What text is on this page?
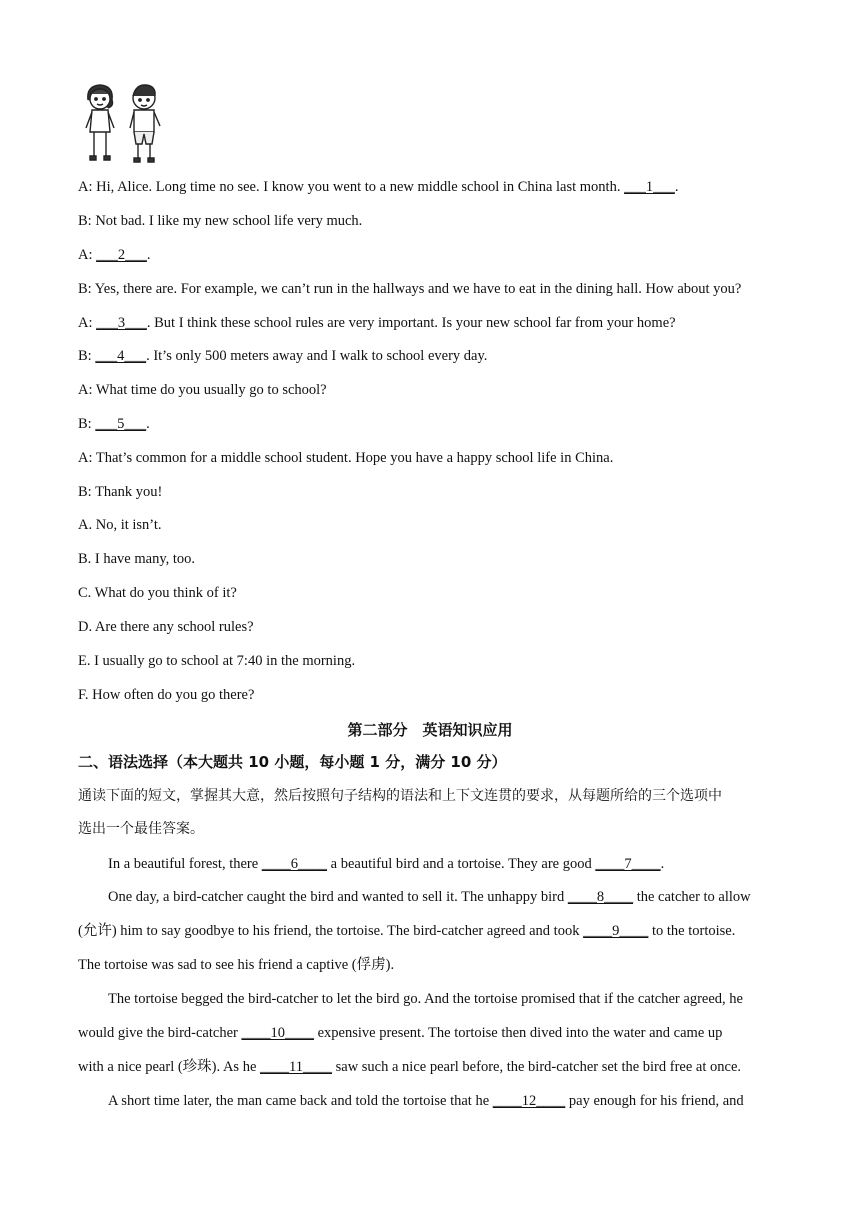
A: Hi, Alice. Long time no see. I know you went to a new middle school in China last month. ___1___.
B: Not bad. I like my new school life very much.
A: ___2___.
B: Yes, there are. For example, we can’t run in the hallways and we have to eat in the dining hall. How about you?
A: ___3___. But I think these school rules are very important. Is your new school far from your home?
B: ___4___. It’s only 500 meters away and I walk to school every day.
A: What time do you usually go to school?
B: ___5___.
A: That’s common for a middle school student. Hope you have a happy school life in China.
B: Thank you!
A. No, it isn’t.
B. I have many, too.
C. What do you think of it?
D. Are there any school rules?
E. I usually go to school at 7:40 in the morning.
F. How often do you go there?
第二部分　英语知识应用
二、语法选择（本大题共 10 小题，每小题 1 分，满分 10 分）
通读下面的短文，掌握其大意，然后按照句子结构的语法和上下文连贯的要求，从每题所给的三个选项中
选出一个最佳答案。
In a beautiful forest, there ____6____ a beautiful bird and a tortoise. They are good ____7____.
One day, a bird-catcher caught the bird and wanted to sell it. The unhappy bird ____8____ the catcher to allow
(允许) him to say goodbye to his friend, the tortoise. The bird-catcher agreed and took ____9____ to the tortoise.
The tortoise was sad to see his friend a captive (俘虏).
The tortoise begged the bird-catcher to let the bird go. And the tortoise promised that if the catcher agreed, he
would give the bird-catcher ____10____ expensive present. The tortoise then dived into the water and came up
with a nice pearl (珍珠). As he ____11____ saw such a nice pearl before, the bird-catcher set the bird free at once.
A short time later, the man came back and told the tortoise that he ____12____ pay enough for his friend, and
